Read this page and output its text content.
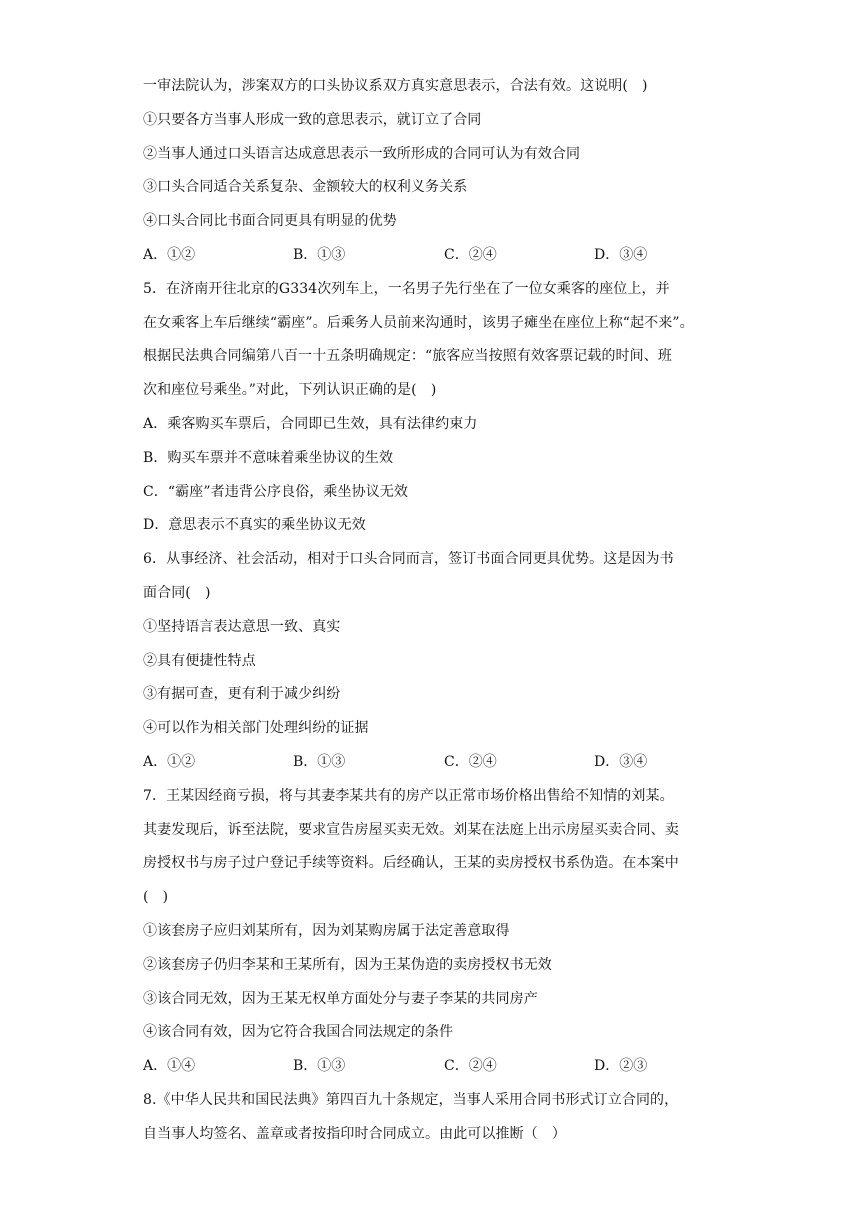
一审法院认为，涉案双方的口头协议系双方真实意思表示，合法有效。这说明(　)
①只要各方当事人形成一致的意思表示，就订立了合同
②当事人通过口头语言达成意思表示一致所形成的合同可认为有效合同
③口头合同适合关系复杂、金额较大的权利义务关系
④口头合同比书面合同更具有明显的优势
A．①②	B．①③	C．②④	D．③④
5．在济南开往北京的G334次列车上，一名男子先行坐在了一位女乘客的座位上，并
在女乘客上车后继续“霸座”。后乘务人员前来沟通时，该男子瘫坐在座位上称“起不来”。
根据民法典合同编第八百一十五条明确规定：“旅客应当按照有效客票记载的时间、班
次和座位号乘坐。”对此，下列认识正确的是(　)
A．乘客购买车票后，合同即已生效，具有法律约束力
B．购买车票并不意味着乘坐协议的生效
C．“霸座”者违背公序良俗，乘坐协议无效
D．意思表示不真实的乘坐协议无效
6．从事经济、社会活动，相对于口头合同而言，签订书面合同更具优势。这是因为书
面合同(　)
①坚持语言表达意思一致、真实
②具有便捷性特点
③有据可查，更有利于减少纠纷
④可以作为相关部门处理纠纷的证据
A．①②	B．①③	C．②④	D．③④
7．王某因经商亏损，将与其妻李某共有的房产以正常市场价格出售给不知情的刘某。
其妻发现后，诉至法院，要求宣告房屋买卖无效。刘某在法庭上出示房屋买卖合同、卖
房授权书与房子过户登记手续等资料。后经确认，王某的卖房授权书系伪造。在本案中
(　)
①该套房子应归刘某所有，因为刘某购房属于法定善意取得
②该套房子仍归李某和王某所有，因为王某伪造的卖房授权书无效
③该合同无效，因为王某无权单方面处分与妻子李某的共同房产
④该合同有效，因为它符合我国合同法规定的条件
A．①④	B．①③	C．②④	D．②③
8.《中华人民共和国民法典》第四百九十条规定，当事人采用合同书形式订立合同的，
自当事人均签名、盖章或者按指印时合同成立。由此可以推断（　）
